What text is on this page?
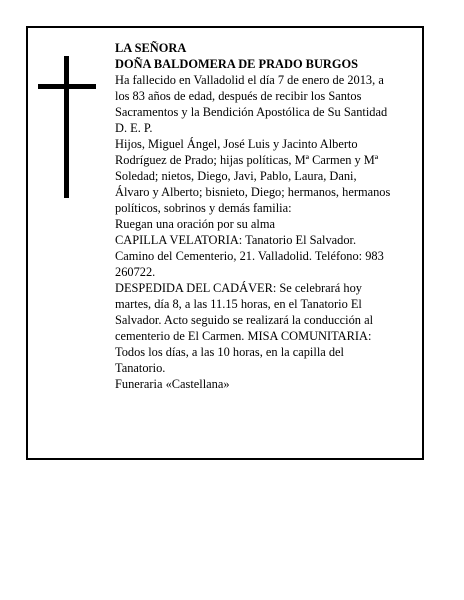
LA SEÑORA

DOÑA BALDOMERA DE PRADO BURGOS

Ha fallecido en Valladolid el día 7 de enero de 2013, a
los 83 años de edad, después de recibir los Santos
Sacramentos y la Bendición Apostólica de Su Santidad
D. E. P.

Hijos, Miguel Ángel, José Luis y Jacinto Alberto
Rodríguez de Prado; hijas políticas, Mª Carmen y Mª
Soledad; nietos, Diego, Javi, Pablo, Laura, Dani,
Álvaro y Alberto; bisnieto, Diego; hermanos, hermanos
políticos, sobrinos y demás familia:

Ruegan una oración por su alma

CAPILLA VELATORIA: Tanatorio El Salvador.
Camino del Cementerio, 21. Valladolid. Teléfono: 983
260722.

DESPEDIDA DEL CADÁVER: Se celebrará hoy
martes, día 8, a las 11.15 horas, en el Tanatorio El
Salvador. Acto seguido se realizará la conducción al
cementerio de El Carmen. MISA COMUNITARIA:
Todos los días, a las 10 horas, en la capilla del
Tanatorio.

Funeraria «Castellana»
